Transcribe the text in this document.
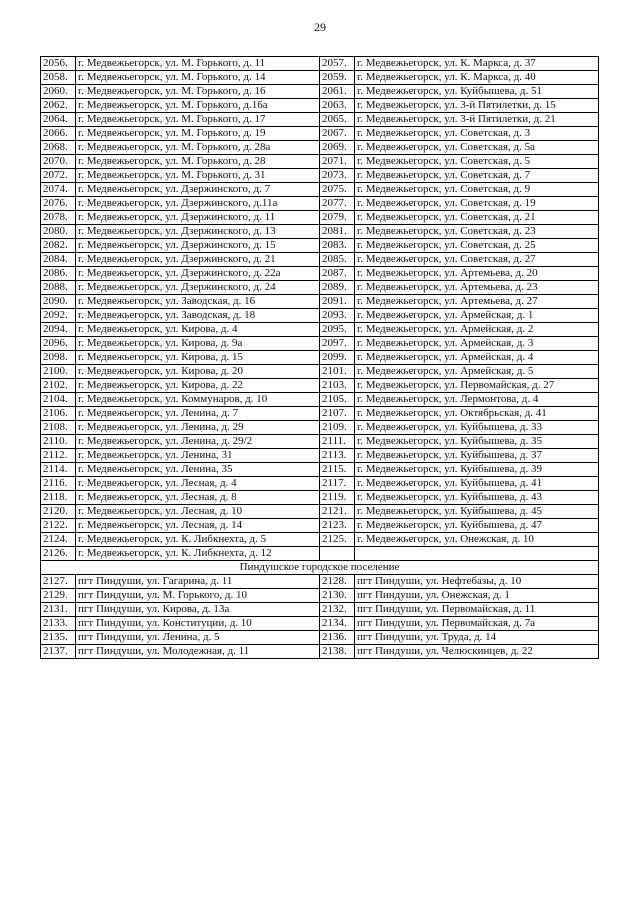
29
2056.	г. Медвежьегорск, ул. М. Горького, д. 11	2057.	г. Медвежьегорск, ул. К. Маркса, д. 37
2058.	г. Медвежьегорск, ул. М. Горького, д. 14	2059.	г. Медвежьегорск, ул. К. Маркса, д. 40
2060.	г. Медвежьегорск, ул. М. Горького, д. 16	2061.	г. Медвежьегорск, ул. Куйбышева, д. 51
2062.	г. Медвежьегорск, ул. М. Горького, д.16а	2063.	г. Медвежьегорск, ул. 3-й Пятилетки, д. 15
2064.	г. Медвежьегорск, ул. М. Горького, д. 17	2065.	г. Медвежьегорск, ул. 3-й Пятилетки, д. 21
2066.	г. Медвежьегорск, ул. М. Горького, д. 19	2067.	г. Медвежьегорск, ул. Советская, д. 3
2068.	г. Медвежьегорск, ул. М. Горького, д. 28а	2069.	г. Медвежьегорск, ул. Советская, д. 5а
2070.	г. Медвежьегорск, ул. М. Горького, д. 28	2071.	г. Медвежьегорск, ул. Советская, д. 5
2072.	г. Медвежьегорск, ул. М. Горького, д. 31	2073.	г. Медвежьегорск, ул. Советская, д. 7
2074.	г. Медвежьегорск, ул. Дзержинского, д. 7	2075.	г. Медвежьегорск, ул. Советская, д. 9
2076.	г. Медвежьегорск, ул. Дзержинского, д.11а	2077.	г. Медвежьегорск, ул. Советская, д. 19
2078.	г. Медвежьегорск, ул. Дзержинского, д. 11	2079.	г. Медвежьегорск, ул. Советская, д. 21
2080.	г. Медвежьегорск, ул. Дзержинского, д. 13	2081.	г. Медвежьегорск, ул. Советская, д. 23
2082.	г. Медвежьегорск, ул. Дзержинского, д. 15	2083.	г. Медвежьегорск, ул. Советская, д. 25
2084.	г. Медвежьегорск, ул. Дзержинского, д. 21	2085.	г. Медвежьегорск, ул. Советская, д. 27
2086.	г. Медвежьегорск, ул. Дзержинского, д. 22а	2087.	г. Медвежьегорск, ул. Артемьева, д. 20
2088.	г. Медвежьегорск, ул. Дзержинского, д. 24	2089.	г. Медвежьегорск, ул. Артемьева, д. 23
2090.	г. Медвежьегорск, ул. Заводская, д. 16	2091.	г. Медвежьегорск, ул. Артемьева, д. 27
2092.	г. Медвежьегорск, ул. Заводская, д. 18	2093.	г. Медвежьегорск, ул. Армейская, д. 1
2094.	г. Медвежьегорск, ул. Кирова, д. 4	2095.	г. Медвежьегорск, ул. Армейская, д. 2
2096.	г. Медвежьегорск, ул. Кирова, д. 9а	2097.	г. Медвежьегорск, ул. Армейская, д. 3
2098.	г. Медвежьегорск, ул. Кирова, д. 15	2099.	г. Медвежьегорск, ул. Армейская, д. 4
2100.	г. Медвежьегорск, ул. Кирова, д. 20	2101.	г. Медвежьегорск, ул. Армейская, д. 5
2102.	г. Медвежьегорск, ул. Кирова, д. 22	2103.	г. Медвежьегорск, ул. Первомайская, д. 27
2104.	г. Медвежьегорск, ул. Коммунаров, д. 10	2105.	г. Медвежьегорск, ул. Лермонтова, д. 4
2106.	г. Медвежьегорск, ул. Ленина, д. 7	2107.	г. Медвежьегорск, ул. Октябрьская, д. 41
2108.	г. Медвежьегорск, ул. Ленина, д. 29	2109.	г. Медвежьегорск, ул. Куйбышева, д. 33
2110.	г. Медвежьегорск, ул. Ленина, д. 29/2	2111.	г. Медвежьегорск, ул. Куйбышева, д. 35
2112.	г. Медвежьегорск, ул. Ленина, 31	2113.	г. Медвежьегорск, ул. Куйбышева, д. 37
2114.	г. Медвежьегорск, ул. Ленина, 35	2115.	г. Медвежьегорск, ул. Куйбышева, д. 39
2116.	г. Медвежьегорск, ул. Лесная, д. 4	2117.	г. Медвежьегорск, ул. Куйбышева, д. 41
2118.	г. Медвежьегорск, ул. Лесная, д. 8	2119.	г. Медвежьегорск, ул. Куйбышева, д. 43
2120.	г. Медвежьегорск, ул. Лесная, д. 10	2121.	г. Медвежьегорск, ул. Куйбышева, д. 45
2122.	г. Медвежьегорск, ул. Лесная, д. 14	2123.	г. Медвежьегорск, ул. Куйбышева, д. 47
2124.	г. Медвежьегорск, ул. К. Либкнехта, д. 5	2125.	г. Медвежьегорск, ул. Онежская, д. 10
2126.	г. Медвежьегорск, ул. К. Либкнехта, д. 12		
Пиндушское городское поселение			
2127.	пгт Пиндуши, ул. Гагарина, д. 11	2128.	пгт Пиндуши, ул. Нефтебазы, д. 10
2129.	пгт Пиндуши, ул. М. Горького, д. 10	2130.	пгт Пиндуши, ул. Онежская, д. 1
2131.	пгт Пиндуши, ул. Кирова, д. 13а	2132.	пгт Пиндуши, ул. Первомайская, д. 11
2133.	пгт Пиндуши, ул. Конституции, д. 10	2134.	пгт Пиндуши, ул. Первомайская, д. 7а
2135.	пгт Пиндуши, ул. Ленина, д. 5	2136.	пгт Пиндуши, ул. Труда, д. 14
2137.	пгт Пиндуши, ул. Молодежная, д. 11	2138.	пгт Пиндуши, ул. Челюскинцев, д. 22
